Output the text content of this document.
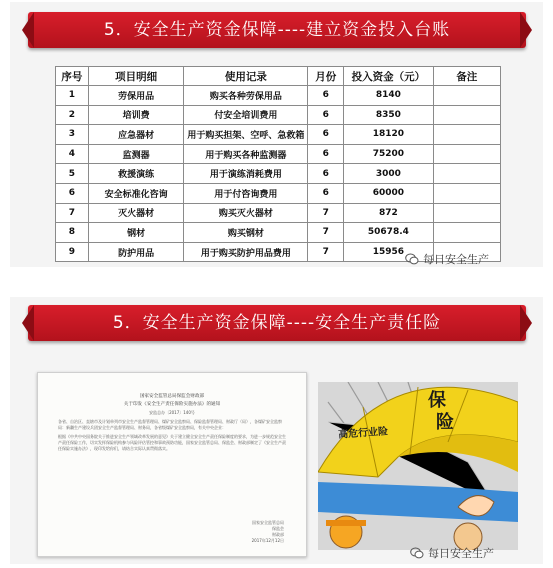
5．安全生产资金保障----建立资金投入台账
序号	项目明细	使用记录	月份	投入资金（元）	备注
1	劳保用品	购买各种劳保用品	6	8140	
2	培训费	付安全培训费用	6	8350	
3	应急器材	用于购买担架、空呼、急救箱	6	18120	
4	监测器	用于购买各种监测器	6	75200	
5	救援演练	用于演练消耗费用	6	3000	
6	安全标准化咨询	用于付咨询费用	6	60000	
7	灭火器材	购买灭火器材	7	872	
8	钢材	购买钢材	7	50678.4	
9	防护用品	用于购买防护用品费用	7	15956	
每日安全生产
5．安全生产资金保障----安全生产责任险
国家安全监管总局保监会财政部
关于印发《安全生产责任保险实施办法》的通知
安监总办〔2017〕140号

各省、自治区、直辖市及计划单列市安全生产监督管理局、煤矿安全监察局、保险监督管理局、财政厅（局），各煤矿安全监察局：新疆生产建设兵团安全生产监督管理局、财务局，各省级煤矿安全监察局，有关中央企业：

根据《中共中央国务院关于推进安全生产领域改革发展的意见》关于建立健全安全生产责任保险制度的要求，为进一步规范安全生产责任保险工作，切实发挥保险机构参与风险评估管控和事故预防功能，国家安全监管总局、保监会、财政部制定了《安全生产责任保险实施办法》，现印发给你们，请结合实际认真贯彻落实。

国家安全监管总局
保监会
财政部
2017年12月12日
保
险
高危行业险
每日安全生产
